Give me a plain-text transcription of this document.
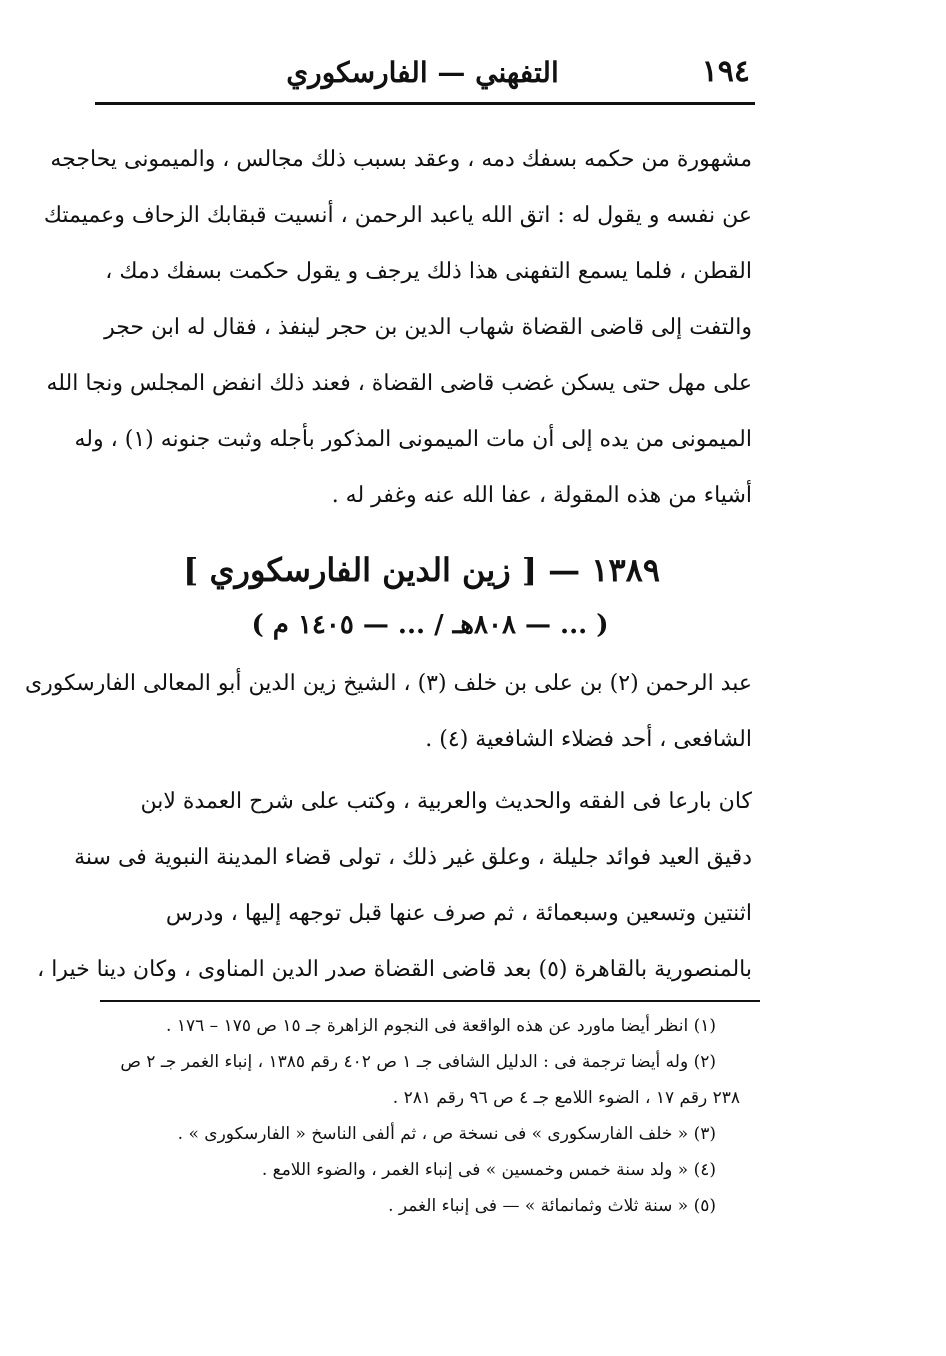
١٩٤
التفهني — الفارسكوري
مشهورة من حكمه بسفك دمه ، وعقد بسبب ذلك مجالس ، والميمونى يحاججه
عن نفسه و يقول له : اتق الله ياعبد الرحمن ، أنسيت قبقابك الزحاف وعميمتك
القطن ، فلما يسمع التفهنى هذا ذلك يرجف و يقول حكمت بسفك دمك ،
والتفت إلى قاضى القضاة شهاب الدين بن حجر لينفذ ، فقال له ابن حجر
على مهل حتى يسكن غضب قاضى القضاة ، فعند ذلك انفض المجلس ونجا الله
الميمونى من يده إلى أن مات الميمونى المذكور بأجله وثبت جنونه (١) ، وله
أشياء من هذه المقولة ، عفا الله عنه وغفر له .
١٣٨٩ — [ زين الدين الفارسكوري ]
( ... — ٨٠٨هـ / ... — ١٤٠٥ م )
عبد الرحمن (٢) بن على بن خلف (٣) ، الشيخ زين الدين أبو المعالى الفارسكورى
الشافعى ، أحد فضلاء الشافعية (٤) .
كان بارعا فى الفقه والحديث والعربية ، وكتب على شرح العمدة لابن
دقيق العيد فوائد جليلة ، وعلق غير ذلك ، تولى قضاء المدينة النبوية فى سنة
اثنتين وتسعين وسبعمائة ، ثم صرف عنها قبل توجهه إليها ، ودرس
بالمنصورية بالقاهرة (٥) بعد قاضى القضاة صدر الدين المناوى ، وكان دينا خيرا ،
(١) انظر أيضا ماورد عن هذه الواقعة فى النجوم الزاهرة جـ ١٥ ص ١٧٥ – ١٧٦ .
(٢) وله أيضا ترجمة فى : الدليل الشافى جـ ١ ص ٤٠٢ رقم ١٣٨٥ ، إنباء الغمر جـ ٢ ص
٢٣٨ رقم ١٧ ، الضوء اللامع جـ ٤ ص ٩٦ رقم ٢٨١ .
(٣) « خلف الفارسكورى » فى نسخة ص ، ثم ألفى الناسخ « الفارسكورى » .
(٤) « ولد سنة خمس وخمسين » فى إنباء الغمر ، والضوء اللامع .
(٥) « سنة ثلاث وثمانمائة » — فى إنباء الغمر .
